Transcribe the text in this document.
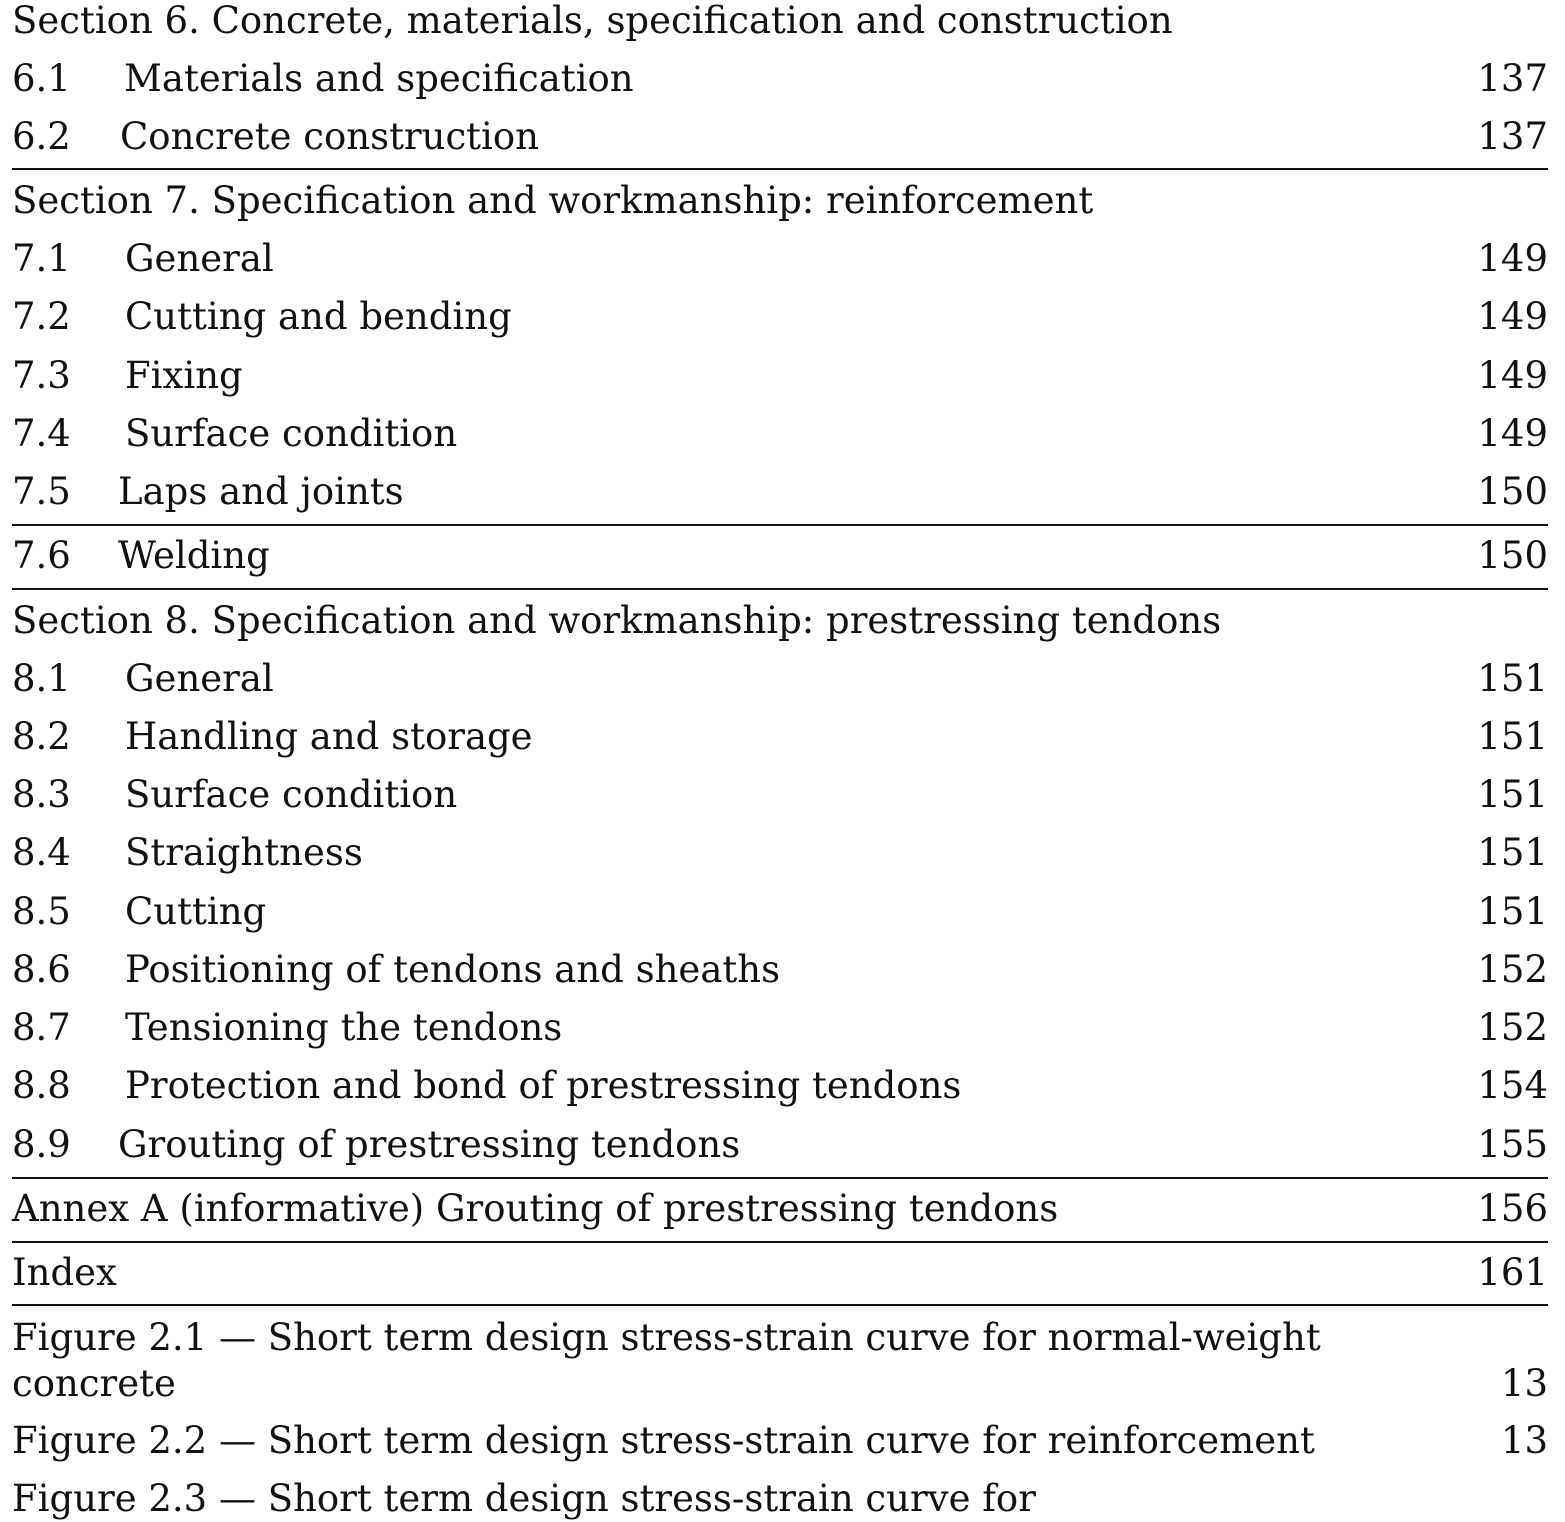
Section 6. Concrete, materials, specification and construction
6.1 Materials and specification	137
6.2 Concrete construction	137
Section 7. Specification and workmanship: reinforcement
7.1 General	149
7.2 Cutting and bending	149
7.3 Fixing	149
7.4 Surface condition	149
7.5 Laps and joints	150
7.6 Welding	150
Section 8. Specification and workmanship: prestressing tendons
8.1 General	151
8.2 Handling and storage	151
8.3 Surface condition	151
8.4 Straightness	151
8.5 Cutting	151
8.6 Positioning of tendons and sheaths	152
8.7 Tensioning the tendons	152
8.8 Protection and bond of prestressing tendons	154
8.9 Grouting of prestressing tendons	155
Annex A (informative) Grouting of prestressing tendons	156
Index	161
Figure 2.1 — Short term design stress-strain curve for normal-weight
concrete	13
Figure 2.2 — Short term design stress-strain curve for reinforcement	13
Figure 2.3 — Short term design stress-strain curve for
